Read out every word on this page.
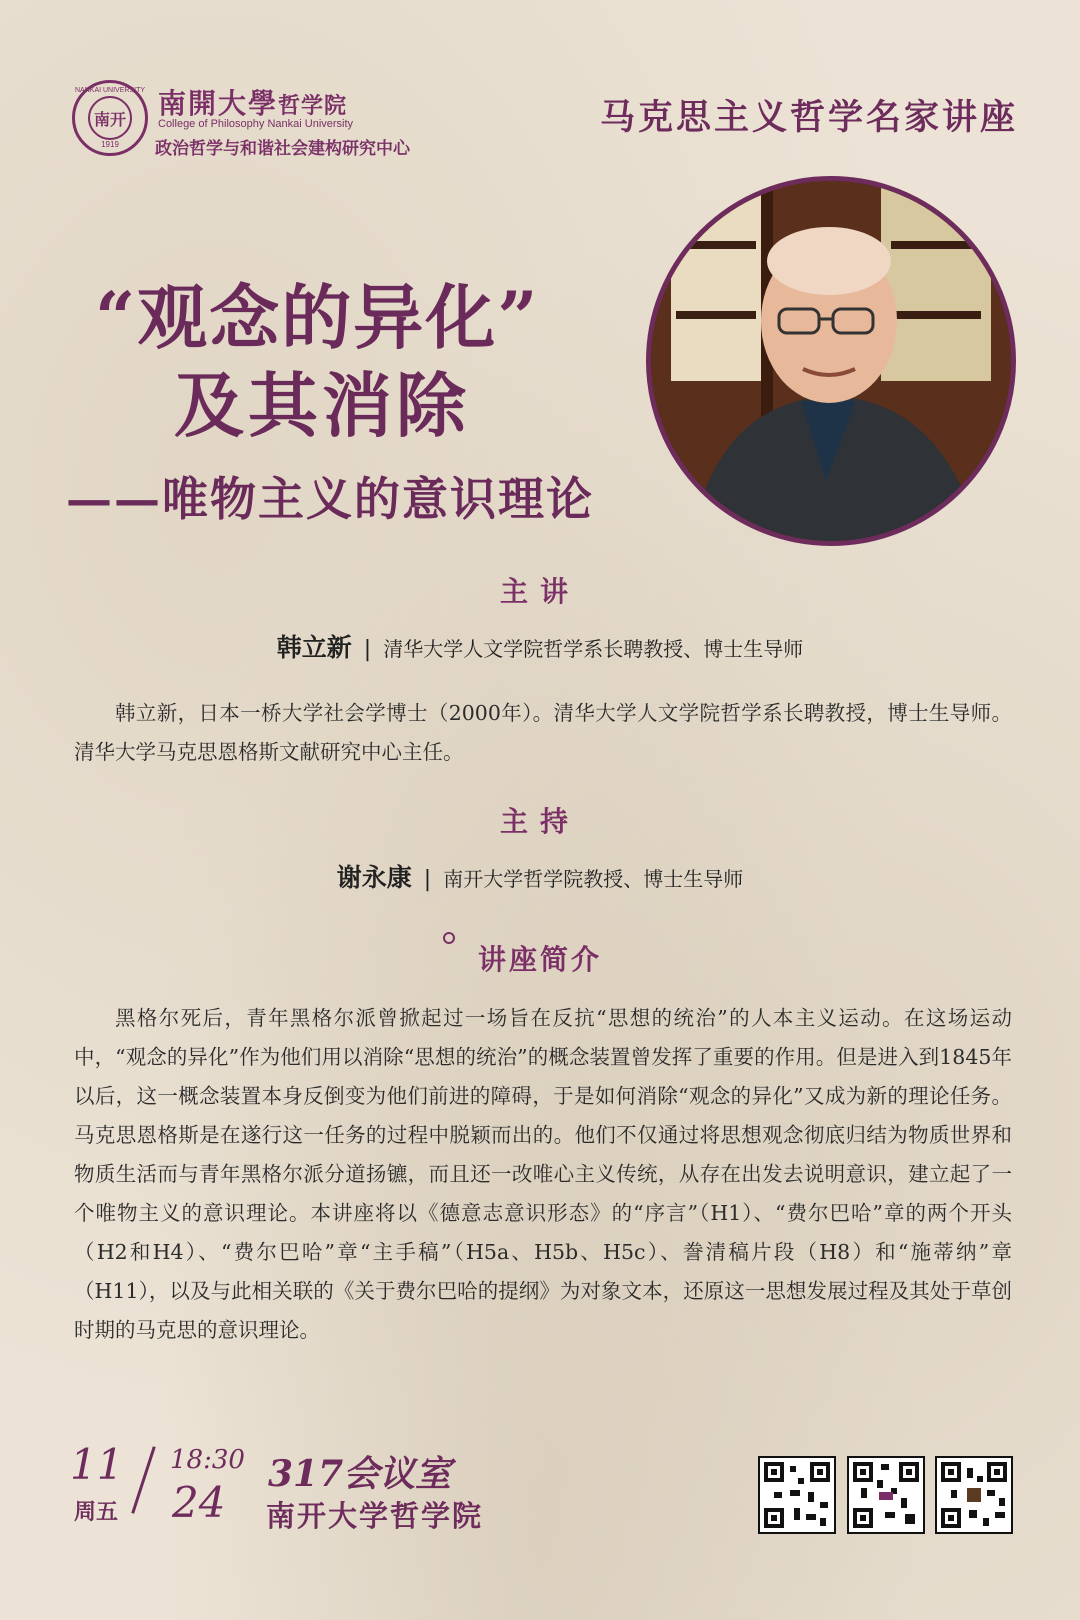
NANKAI UNIVERSITY
南开
1919
南開大學哲学院
College of Philosophy Nankai University
政治哲学与和谐社会建构研究中心
马克思主义哲学名家讲座
“观念的异化”
及其消除
——唯物主义的意识理论
主讲
韩立新 | 清华大学人文学院哲学系长聘教授、博士生导师
韩立新，日本一桥大学社会学博士（2000年）。清华大学人文学院哲学系长聘教授，博士生导师。清华大学马克思恩格斯文献研究中心主任。
主持
谢永康 | 南开大学哲学院教授、博士生导师
讲座简介
黑格尔死后，青年黑格尔派曾掀起过一场旨在反抗“思想的统治”的人本主义运动。在这场运动中，“观念的异化”作为他们用以消除“思想的统治”的概念装置曾发挥了重要的作用。但是进入到1845年以后，这一概念装置本身反倒变为他们前进的障碍，于是如何消除“观念的异化”又成为新的理论任务。马克思恩格斯是在遂行这一任务的过程中脱颖而出的。他们不仅通过将思想观念彻底归结为物质世界和物质生活而与青年黑格尔派分道扬镳，而且还一改唯心主义传统，从存在出发去说明意识，建立起了一个唯物主义的意识理论。本讲座将以《德意志意识形态》的“序言”（H1）、“费尔巴哈”章的两个开头（H2和H4）、“费尔巴哈”章“主手稿”（H5a、H5b、H5c）、誊清稿片段（H8）和“施蒂纳”章（H11），以及与此相关联的《关于费尔巴哈的提纲》为对象文本，还原这一思想发展过程及其处于草创时期的马克思的意识理论。
11
周五
18:30
24
317会议室
南开大学哲学院
